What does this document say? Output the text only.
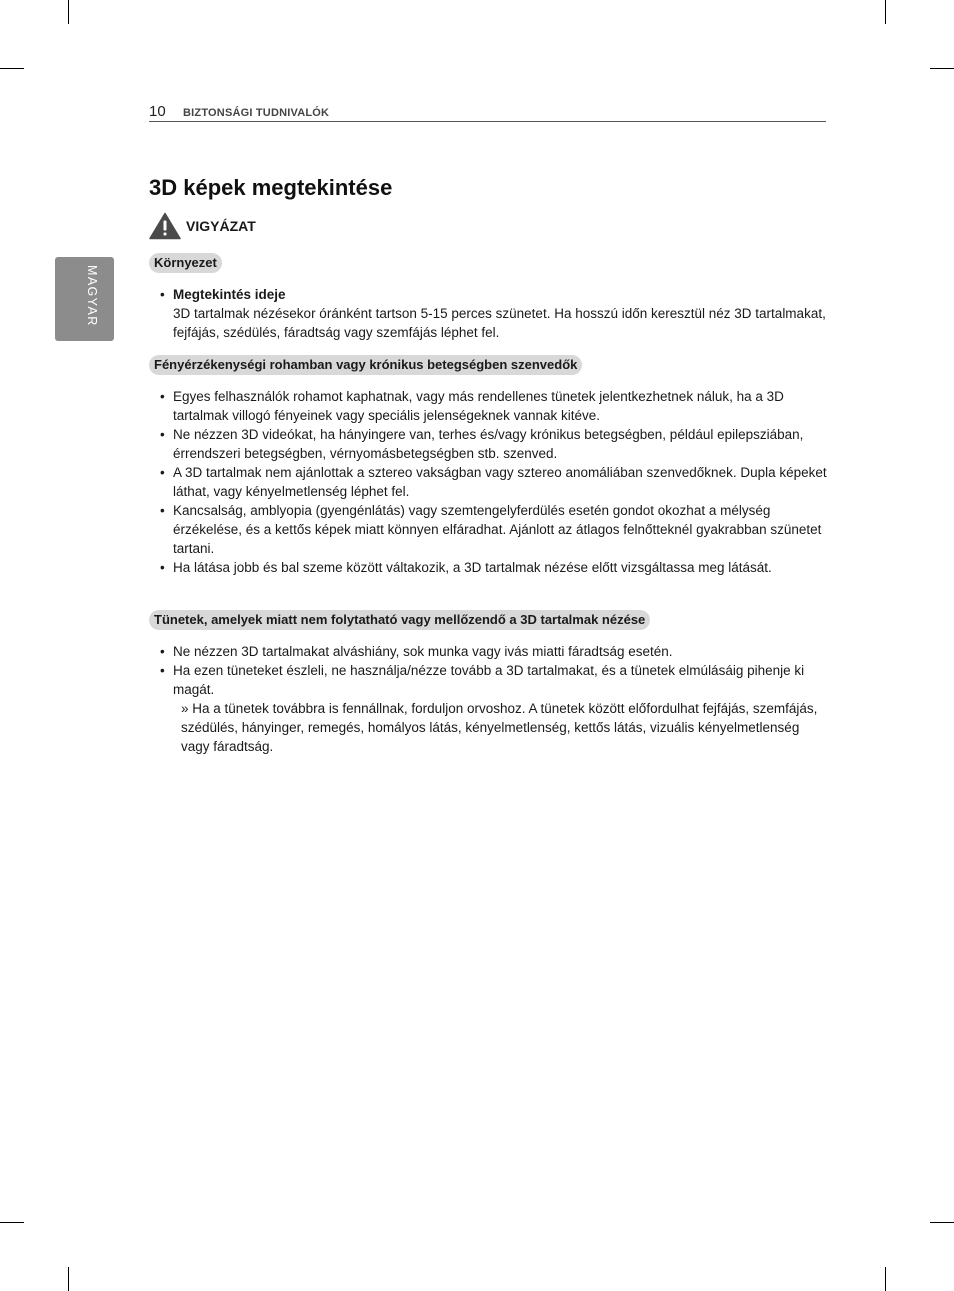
10 BIZTONSÁGI TUDNIVALÓK
MAGYAR
3D képek megtekintése
VIGYÁZAT
Környezet
• Megtekintés ideje
3D tartalmak nézésekor óránként tartson 5-15 perces szünetet. Ha hosszú időn keresztül néz 3D tartalmakat, fejfájás, szédülés, fáradtság vagy szemfájás léphet fel.
Fényérzékenységi rohamban vagy krónikus betegségben szenvedők
• Egyes felhasználók rohamot kaphatnak, vagy más rendellenes tünetek jelentkezhetnek náluk, ha a 3D tartalmak villogó fényeinek vagy speciális jelenségeknek vannak kitéve.
• Ne nézzen 3D videókat, ha hányingere van, terhes és/vagy krónikus betegségben, például epilepsziában, érrendszeri betegségben, vérnyomásbetegségben stb. szenved.
• A 3D tartalmak nem ajánlottak a sztereo vakságban vagy sztereo anomáliában szenvedőknek. Dupla képeket láthat, vagy kényelmetlenség léphet fel.
• Kancsalság, amblyopia (gyengénlátás) vagy szemtengelyferdülés esetén gondot okozhat a mélység érzékelése, és a kettős képek miatt könnyen elfáradhat. Ajánlott az átlagos felnőtteknél gyakrabban szünetet tartani.
• Ha látása jobb és bal szeme között váltakozik, a 3D tartalmak nézése előtt vizsgáltassa meg látását.
Tünetek, amelyek miatt nem folytatható vagy mellőzendő a 3D tartalmak nézése
• Ne nézzen 3D tartalmakat alváshiány, sok munka vagy ivás miatti fáradtság esetén.
• Ha ezen tüneteket észleli, ne használja/nézze tovább a 3D tartalmakat, és a tünetek elmúlásáig pihenje ki magát.
» Ha a tünetek továbbra is fennállnak, forduljon orvoshoz. A tünetek között előfordulhat fejfájás, szemfájás, szédülés, hányinger, remegés, homályos látás, kényelmetlenség, kettős látás, vizuális kényelmetlenség vagy fáradtság.
